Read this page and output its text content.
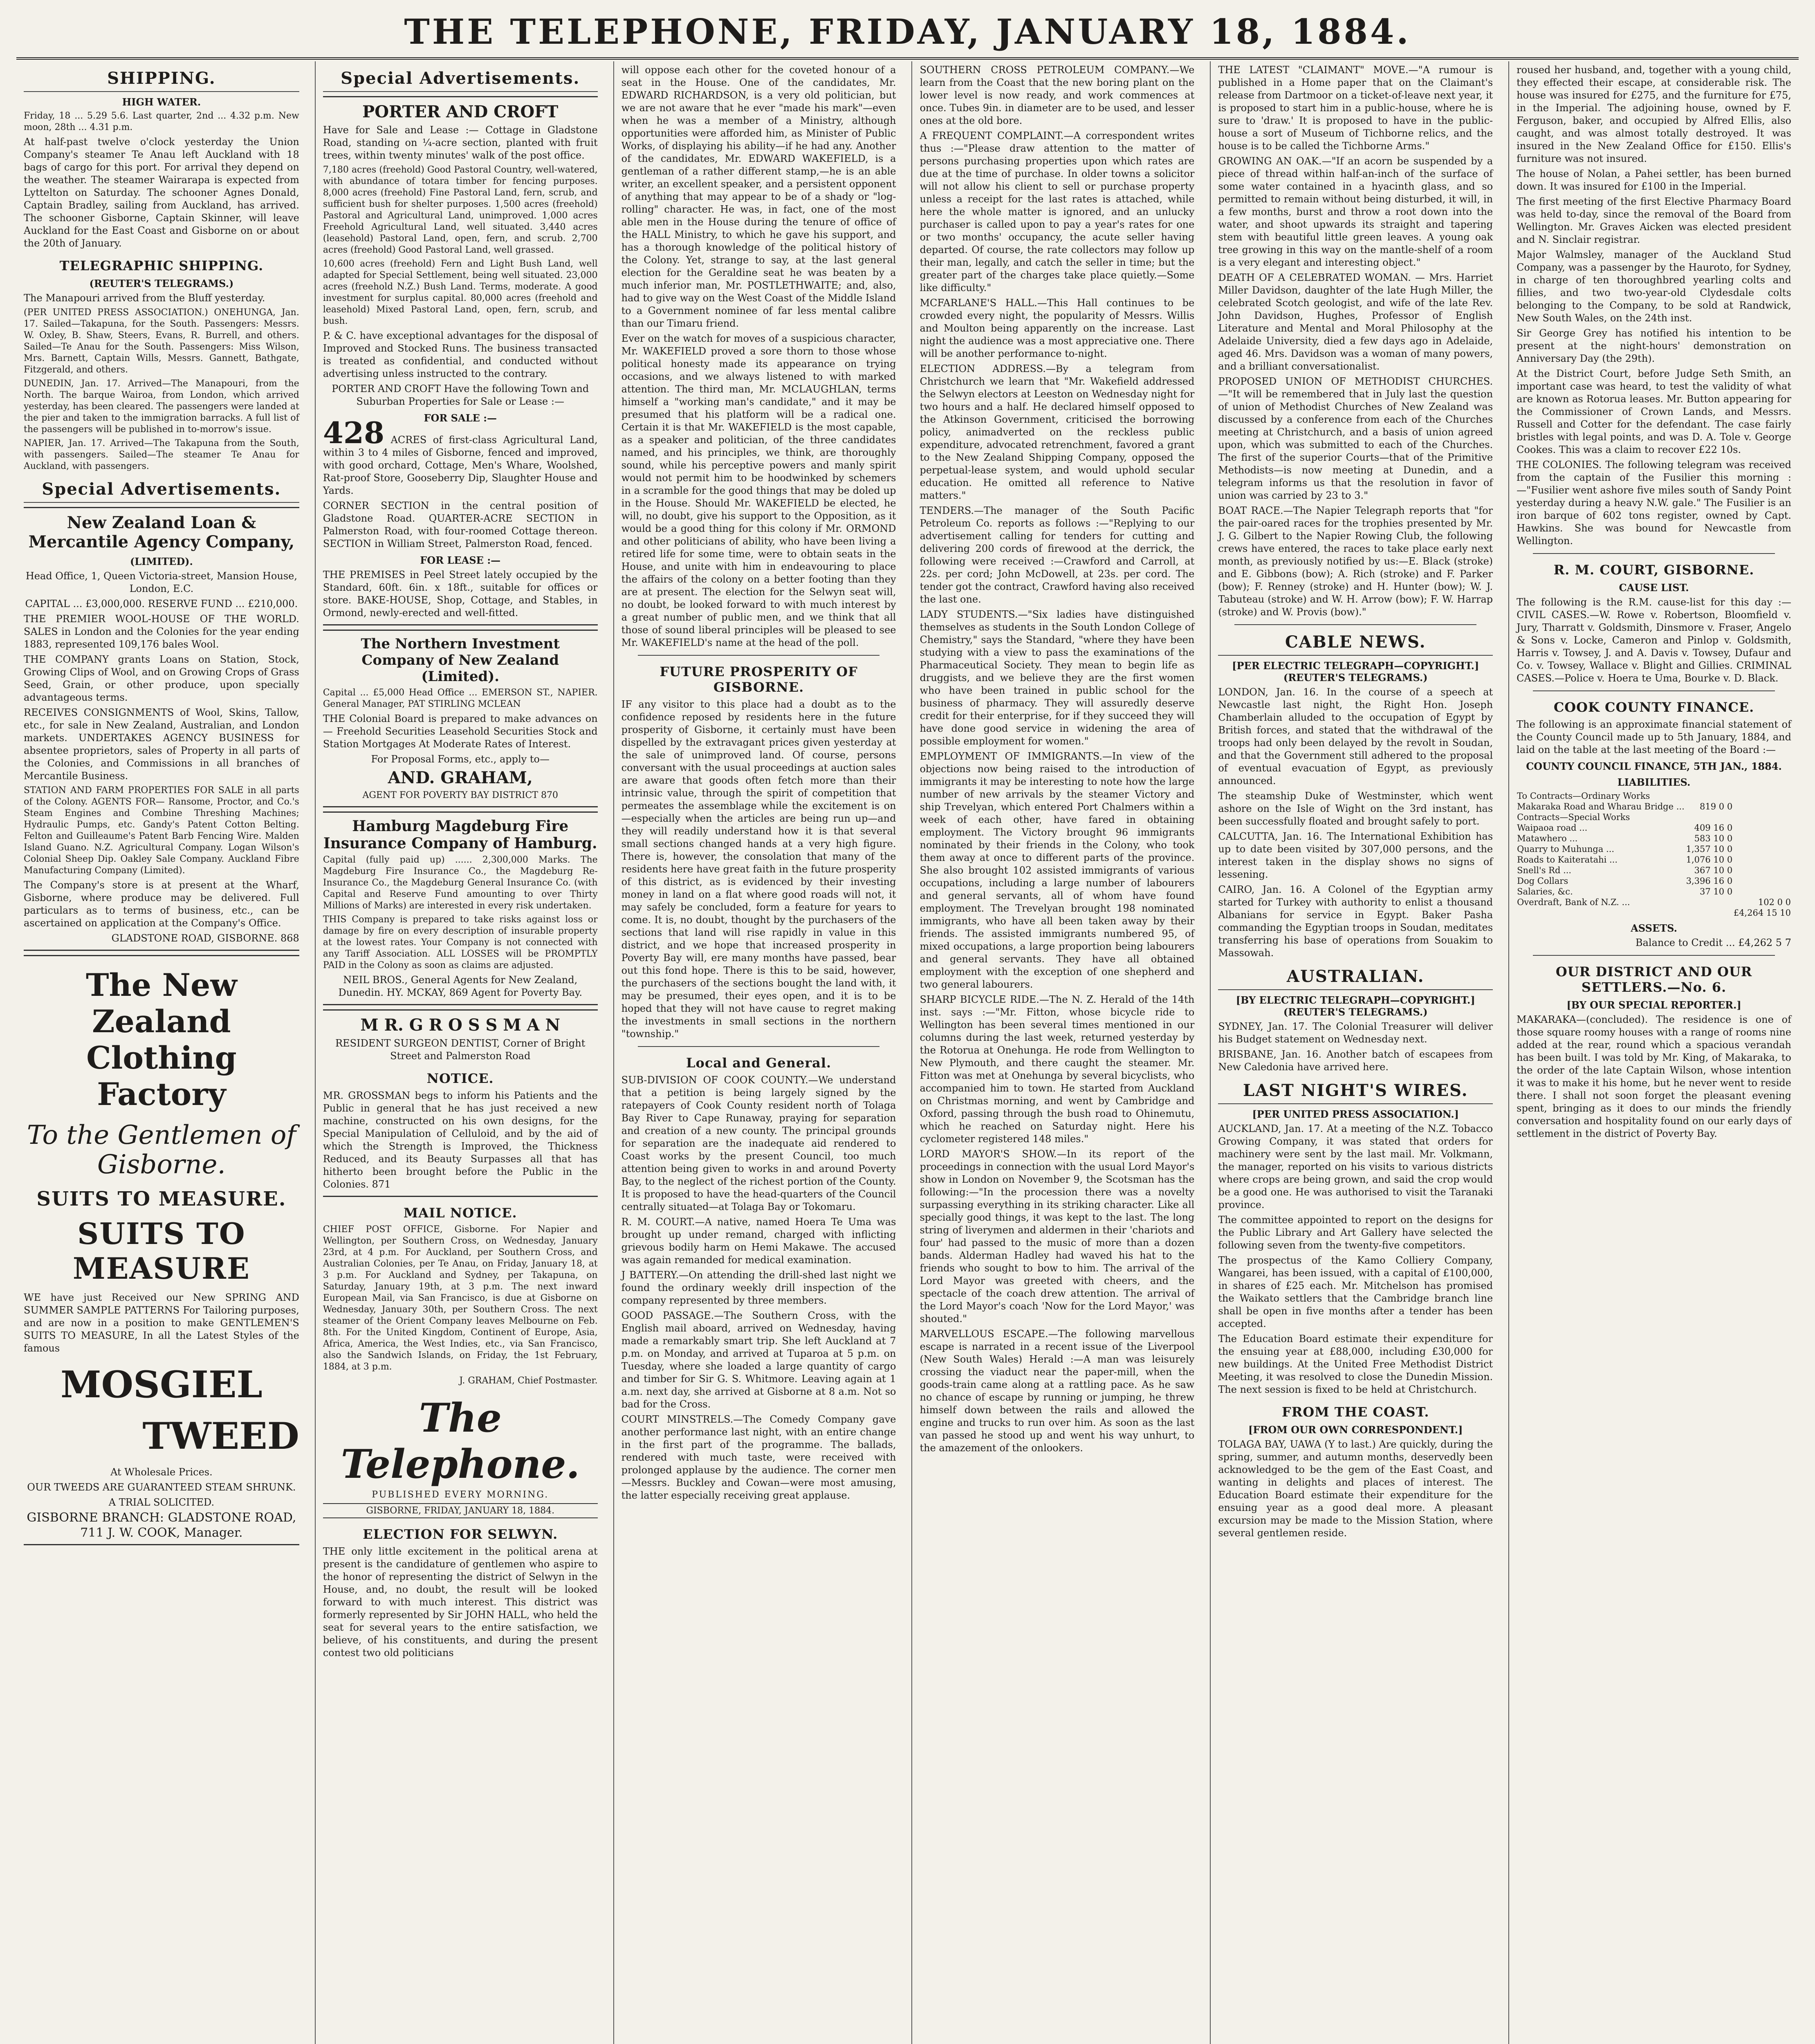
THE TELEPHONE, FRIDAY, JANUARY 18, 1884.
SHIPPING.
HIGH WATER.

Friday, 18 ... 5.29 5.6. Last quarter, 2nd ... 4.32 p.m. New moon, 28th ... 4.31 p.m.

At half-past twelve o'clock yesterday the Union Company's steamer Te Anau left Auckland with 18 bags of cargo for this port. For arrival they depend on the weather. The steamer Wairarapa is expected from Lyttelton on Saturday. The schooner Agnes Donald, Captain Bradley, sailing from Auckland, has arrived. The schooner Gisborne, Captain Skinner, will leave Auckland for the East Coast and Gisborne on or about the 20th of January.

TELEGRAPHIC SHIPPING.
(REUTER'S TELEGRAMS.)

The Manapouri arrived from the Bluff yesterday.

(PER UNITED PRESS ASSOCIATION.) ONEHUNGA, Jan. 17. Sailed—Takapuna, for the South. Passengers: Messrs. W. Oxley, B. Shaw, Steers, Evans, R. Burrell, and others. Sailed—Te Anau for the South. Passengers: Miss Wilson, Mrs. Barnett, Captain Wills, Messrs. Gannett, Bathgate, Fitzgerald, and others.

DUNEDIN, Jan. 17. Arrived—The Manapouri, from the North. The barque Wairoa, from London, which arrived yesterday, has been cleared. The passengers were landed at the pier and taken to the immigration barracks. A full list of the passengers will be published in to-morrow's issue.

NAPIER, Jan. 17. Arrived—The Takapuna from the South, with passengers. Sailed—The steamer Te Anau for Auckland, with passengers.

Special Advertisements.
New Zealand Loan & Mercantile Agency Company,
(LIMITED).

Head Office, 1, Queen Victoria-street, Mansion House, London, E.C.

CAPITAL ... £3,000,000. RESERVE FUND ... £210,000.

THE PREMIER WOOL-HOUSE OF THE WORLD. SALES in London and the Colonies for the year ending 1883, represented 109,176 bales Wool.

THE COMPANY grants Loans on Station, Stock, Growing Clips of Wool, and on Growing Crops of Grass Seed, Grain, or other produce, upon specially advantageous terms.

RECEIVES CONSIGNMENTS of Wool, Skins, Tallow, etc., for sale in New Zealand, Australian, and London markets. UNDERTAKES AGENCY BUSINESS for absentee proprietors, sales of Property in all parts of the Colonies, and Commissions in all branches of Mercantile Business.

STATION AND FARM PROPERTIES FOR SALE in all parts of the Colony. AGENTS FOR— Ransome, Proctor, and Co.'s Steam Engines and Combine Threshing Machines; Hydraulic Pumps, etc. Gandy's Patent Cotton Belting. Felton and Guilleaume's Patent Barb Fencing Wire. Malden Island Guano. N.Z. Agricultural Company. Logan Wilson's Colonial Sheep Dip. Oakley Sale Company. Auckland Fibre Manufacturing Company (Limited).

The Company's store is at present at the Wharf, Gisborne, where produce may be delivered. Full particulars as to terms of business, etc., can be ascertained on application at the Company's Office.

GLADSTONE ROAD, GISBORNE. 868

The New Zealand Clothing Factory
To the Gentlemen of Gisborne.
SUITS TO MEASURE.
SUITS TO MEASURE

WE have just Received our New SPRING AND SUMMER SAMPLE PATTERNS For Tailoring purposes, and are now in a position to make GENTLEMEN'S SUITS TO MEASURE, In all the Latest Styles of the famous

MOSGIEL
TWEED

At Wholesale Prices.

OUR TWEEDS ARE GUARANTEED STEAM SHRUNK.

A TRIAL SOLICITED.

GISBORNE BRANCH: GLADSTONE ROAD,

711 J. W. COOK, Manager.

Special Advertisements.
PORTER AND CROFT

Have for Sale and Lease :— Cottage in Gladstone Road, standing on ¼-acre section, planted with fruit trees, within twenty minutes' walk of the post office.

7,180 acres (freehold) Good Pastoral Country, well-watered, with abundance of totara timber for fencing purposes. 8,000 acres (freehold) Fine Pastoral Land, fern, scrub, and sufficient bush for shelter purposes. 1,500 acres (freehold) Pastoral and Agricultural Land, unimproved. 1,000 acres Freehold Agricultural Land, well situated. 3,440 acres (leasehold) Pastoral Land, open, fern, and scrub. 2,700 acres (freehold) Good Pastoral Land, well grassed.

10,600 acres (freehold) Fern and Light Bush Land, well adapted for Special Settlement, being well situated. 23,000 acres (freehold N.Z.) Bush Land. Terms, moderate. A good investment for surplus capital. 80,000 acres (freehold and leasehold) Mixed Pastoral Land, open, fern, scrub, and bush.

P. & C. have exceptional advantages for the disposal of Improved and Stocked Runs. The business transacted is treated as confidential, and conducted without advertising unless instructed to the contrary.

PORTER AND CROFT Have the following Town and Suburban Properties for Sale or Lease :—

FOR SALE :—

428 ACRES of first-class Agricultural Land, within 3 to 4 miles of Gisborne, fenced and improved, with good orchard, Cottage, Men's Whare, Woolshed, Rat-proof Store, Gooseberry Dip, Slaughter House and Yards.

CORNER SECTION in the central position of Gladstone Road. QUARTER-ACRE SECTION in Palmerston Road, with four-roomed Cottage thereon. SECTION in William Street, Palmerston Road, fenced.

FOR LEASE :—

THE PREMISES in Peel Street lately occupied by the Standard, 60ft. 6in. x 18ft., suitable for offices or store. BAKE-HOUSE, Shop, Cottage, and Stables, in Ormond, newly-erected and well-fitted.

The Northern Investment Company of New Zealand (Limited).

Capital ... £5,000 Head Office ... EMERSON ST., NAPIER. General Manager, PAT STIRLING MCLEAN

THE Colonial Board is prepared to make advances on— Freehold Securities Leasehold Securities Stock and Station Mortgages At Moderate Rates of Interest.

For Proposal Forms, etc., apply to—

AND. GRAHAM,

AGENT FOR POVERTY BAY DISTRICT 870

Hamburg Magdeburg Fire Insurance Company of Hamburg.

Capital (fully paid up) ...... 2,300,000 Marks. The Magdeburg Fire Insurance Co., the Magdeburg Re-Insurance Co., the Magdeburg General Insurance Co. (with Capital and Reserve Fund amounting to over Thirty Millions of Marks) are interested in every risk undertaken.

THIS Company is prepared to take risks against loss or damage by fire on every description of insurable property at the lowest rates. Your Company is not connected with any Tariff Association. ALL LOSSES will be PROMPTLY PAID in the Colony as soon as claims are adjusted.

NEIL BROS., General Agents for New Zealand, Dunedin. HY. MCKAY, 869 Agent for Poverty Bay.

M R. G R O S S M A N

RESIDENT SURGEON DENTIST, Corner of Bright Street and Palmerston Road

NOTICE.

MR. GROSSMAN begs to inform his Patients and the Public in general that he has just received a new machine, constructed on his own designs, for the Special Manipulation of Celluloid, and by the aid of which the Strength is Improved, the Thickness Reduced, and its Beauty Surpasses all that has hitherto been brought before the Public in the Colonies. 871

MAIL NOTICE.

CHIEF POST OFFICE, Gisborne. For Napier and Wellington, per Southern Cross, on Wednesday, January 23rd, at 4 p.m. For Auckland, per Southern Cross, and Australian Colonies, per Te Anau, on Friday, January 18, at 3 p.m. For Auckland and Sydney, per Takapuna, on Saturday, January 19th, at 3 p.m. The next inward European Mail, via San Francisco, is due at Gisborne on Wednesday, January 30th, per Southern Cross. The next steamer of the Orient Company leaves Melbourne on Feb. 8th. For the United Kingdom, Continent of Europe, Asia, Africa, America, the West Indies, etc., via San Francisco, also the Sandwich Islands, on Friday, the 1st February, 1884, at 3 p.m.

J. GRAHAM, Chief Postmaster.

The Telephone.
PUBLISHED EVERY MORNING.
GISBORNE, FRIDAY, JANUARY 18, 1884.
ELECTION FOR SELWYN.

THE only little excitement in the political arena at present is the candidature of gentlemen who aspire to the honor of representing the district of Selwyn in the House, and, no doubt, the result will be looked forward to with much interest. This district was formerly represented by Sir JOHN HALL, who held the seat for several years to the entire satisfaction, we believe, of his constituents, and during the present contest two old politicians

will oppose each other for the coveted honour of a seat in the House. One of the candidates, Mr. EDWARD RICHARDSON, is a very old politician, but we are not aware that he ever "made his mark"—even when he was a member of a Ministry, although opportunities were afforded him, as Minister of Public Works, of displaying his ability—if he had any. Another of the candidates, Mr. EDWARD WAKEFIELD, is a gentleman of a rather different stamp,—he is an able writer, an excellent speaker, and a persistent opponent of anything that may appear to be of a shady or "log-rolling" character. He was, in fact, one of the most able men in the House during the tenure of office of the HALL Ministry, to which he gave his support, and has a thorough knowledge of the political history of the Colony. Yet, strange to say, at the last general election for the Geraldine seat he was beaten by a much inferior man, Mr. POSTLETHWAITE; and, also, had to give way on the West Coast of the Middle Island to a Government nominee of far less mental calibre than our Timaru friend.

Ever on the watch for moves of a suspicious character, Mr. WAKEFIELD proved a sore thorn to those whose political honesty made its appearance on trying occasions, and we always listened to with marked attention. The third man, Mr. MCLAUGHLAN, terms himself a "working man's candidate," and it may be presumed that his platform will be a radical one. Certain it is that Mr. WAKEFIELD is the most capable, as a speaker and politician, of the three candidates named, and his principles, we think, are thoroughly sound, while his perceptive powers and manly spirit would not permit him to be hoodwinked by schemers in a scramble for the good things that may be doled up in the House. Should Mr. WAKEFIELD be elected, he will, no doubt, give his support to the Opposition, as it would be a good thing for this colony if Mr. ORMOND and other politicians of ability, who have been living a retired life for some time, were to obtain seats in the House, and unite with him in endeavouring to place the affairs of the colony on a better footing than they are at present. The election for the Selwyn seat will, no doubt, be looked forward to with much interest by a great number of public men, and we think that all those of sound liberal principles will be pleased to see Mr. WAKEFIELD's name at the head of the poll.

FUTURE PROSPERITY OF GISBORNE.

IF any visitor to this place had a doubt as to the confidence reposed by residents here in the future prosperity of Gisborne, it certainly must have been dispelled by the extravagant prices given yesterday at the sale of unimproved land. Of course, persons conversant with the usual proceedings at auction sales are aware that goods often fetch more than their intrinsic value, through the spirit of competition that permeates the assemblage while the excitement is on—especially when the articles are being run up—and they will readily understand how it is that several small sections changed hands at a very high figure. There is, however, the consolation that many of the residents here have great faith in the future prosperity of this district, as is evidenced by their investing money in land on a flat where good roads will not, it may safely be concluded, form a feature for years to come. It is, no doubt, thought by the purchasers of the sections that land will rise rapidly in value in this district, and we hope that increased prosperity in Poverty Bay will, ere many months have passed, bear out this fond hope. There is this to be said, however, the purchasers of the sections bought the land with, it may be presumed, their eyes open, and it is to be hoped that they will not have cause to regret making the investments in small sections in the northern "township."

Local and General.

SUB-DIVISION OF COOK COUNTY.—We understand that a petition is being largely signed by the ratepayers of Cook County resident north of Tolaga Bay River to Cape Runaway, praying for separation and creation of a new county. The principal grounds for separation are the inadequate aid rendered to Coast works by the present Council, too much attention being given to works in and around Poverty Bay, to the neglect of the richest portion of the County. It is proposed to have the head-quarters of the Council centrally situated—at Tolaga Bay or Tokomaru.

R. M. COURT.—A native, named Hoera Te Uma was brought up under remand, charged with inflicting grievous bodily harm on Hemi Makawe. The accused was again remanded for medical examination.

J BATTERY.—On attending the drill-shed last night we found the ordinary weekly drill inspection of the company represented by three members.

GOOD PASSAGE.—The Southern Cross, with the English mail aboard, arrived on Wednesday, having made a remarkably smart trip. She left Auckland at 7 p.m. on Monday, and arrived at Tuparoa at 5 p.m. on Tuesday, where she loaded a large quantity of cargo and timber for Sir G. S. Whitmore. Leaving again at 1 a.m. next day, she arrived at Gisborne at 8 a.m. Not so bad for the Cross.

COURT MINSTRELS.—The Comedy Company gave another performance last night, with an entire change in the first part of the programme. The ballads, rendered with much taste, were received with prolonged applause by the audience. The corner men—Messrs. Buckley and Cowan—were most amusing, the latter especially receiving great applause.

SOUTHERN CROSS PETROLEUM COMPANY.—We learn from the Coast that the new boring plant on the lower level is now ready, and work commences at once. Tubes 9in. in diameter are to be used, and lesser ones at the old bore.

A FREQUENT COMPLAINT.—A correspondent writes thus :—"Please draw attention to the matter of persons purchasing properties upon which rates are due at the time of purchase. In older towns a solicitor will not allow his client to sell or purchase property unless a receipt for the last rates is attached, while here the whole matter is ignored, and an unlucky purchaser is called upon to pay a year's rates for one or two months' occupancy, the acute seller having departed. Of course, the rate collectors may follow up their man, legally, and catch the seller in time; but the greater part of the charges take place quietly.—Some like difficulty."

MCFARLANE'S HALL.—This Hall continues to be crowded every night, the popularity of Messrs. Willis and Moulton being apparently on the increase. Last night the audience was a most appreciative one. There will be another performance to-night.

ELECTION ADDRESS.—By a telegram from Christchurch we learn that "Mr. Wakefield addressed the Selwyn electors at Leeston on Wednesday night for two hours and a half. He declared himself opposed to the Atkinson Government, criticised the borrowing policy, animadverted on the reckless public expenditure, advocated retrenchment, favored a grant to the New Zealand Shipping Company, opposed the perpetual-lease system, and would uphold secular education. He omitted all reference to Native matters."

TENDERS.—The manager of the South Pacific Petroleum Co. reports as follows :—"Replying to our advertisement calling for tenders for cutting and delivering 200 cords of firewood at the derrick, the following were received :—Crawford and Carroll, at 22s. per cord; John McDowell, at 23s. per cord. The tender got the contract, Crawford having also received the last one.

LADY STUDENTS.—"Six ladies have distinguished themselves as students in the South London College of Chemistry," says the Standard, "where they have been studying with a view to pass the examinations of the Pharmaceutical Society. They mean to begin life as druggists, and we believe they are the first women who have been trained in public school for the business of pharmacy. They will assuredly deserve credit for their enterprise, for if they succeed they will have done good service in widening the area of possible employment for women."

EMPLOYMENT OF IMMIGRANTS.—In view of the objections now being raised to the introduction of immigrants it may be interesting to note how the large number of new arrivals by the steamer Victory and ship Trevelyan, which entered Port Chalmers within a week of each other, have fared in obtaining employment. The Victory brought 96 immigrants nominated by their friends in the Colony, who took them away at once to different parts of the province. She also brought 102 assisted immigrants of various occupations, including a large number of labourers and general servants, all of whom have found employment. The Trevelyan brought 198 nominated immigrants, who have all been taken away by their friends. The assisted immigrants numbered 95, of mixed occupations, a large proportion being labourers and general servants. They have all obtained employment with the exception of one shepherd and two general labourers.

SHARP BICYCLE RIDE.—The N. Z. Herald of the 14th inst. says :—"Mr. Fitton, whose bicycle ride to Wellington has been several times mentioned in our columns during the last week, returned yesterday by the Rotorua at Onehunga. He rode from Wellington to New Plymouth, and there caught the steamer. Mr. Fitton was met at Onehunga by several bicyclists, who accompanied him to town. He started from Auckland on Christmas morning, and went by Cambridge and Oxford, passing through the bush road to Ohinemutu, which he reached on Saturday night. Here his cyclometer registered 148 miles."

LORD MAYOR'S SHOW.—In its report of the proceedings in connection with the usual Lord Mayor's show in London on November 9, the Scotsman has the following:—"In the procession there was a novelty surpassing everything in its striking character. Like all specially good things, it was kept to the last. The long string of liverymen and aldermen in their 'chariots and four' had passed to the music of more than a dozen bands. Alderman Hadley had waved his hat to the friends who sought to bow to him. The arrival of the Lord Mayor was greeted with cheers, and the spectacle of the coach drew attention. The arrival of the Lord Mayor's coach 'Now for the Lord Mayor,' was shouted."

MARVELLOUS ESCAPE.—The following marvellous escape is narrated in a recent issue of the Liverpool (New South Wales) Herald :—A man was leisurely crossing the viaduct near the paper-mill, when the goods-train came along at a rattling pace. As he saw no chance of escape by running or jumping, he threw himself down between the rails and allowed the engine and trucks to run over him. As soon as the last van passed he stood up and went his way unhurt, to the amazement of the onlookers.

THE LATEST "CLAIMANT" MOVE.—"A rumour is published in a Home paper that on the Claimant's release from Dartmoor on a ticket-of-leave next year, it is proposed to start him in a public-house, where he is sure to 'draw.' It is proposed to have in the public-house a sort of Museum of Tichborne relics, and the house is to be called the Tichborne Arms."

GROWING AN OAK.—"If an acorn be suspended by a piece of thread within half-an-inch of the surface of some water contained in a hyacinth glass, and so permitted to remain without being disturbed, it will, in a few months, burst and throw a root down into the water, and shoot upwards its straight and tapering stem with beautiful little green leaves. A young oak tree growing in this way on the mantle-shelf of a room is a very elegant and interesting object."

DEATH OF A CELEBRATED WOMAN. — Mrs. Harriet Miller Davidson, daughter of the late Hugh Miller, the celebrated Scotch geologist, and wife of the late Rev. John Davidson, Hughes, Professor of English Literature and Mental and Moral Philosophy at the Adelaide University, died a few days ago in Adelaide, aged 46. Mrs. Davidson was a woman of many powers, and a brilliant conversationalist.

PROPOSED UNION OF METHODIST CHURCHES.—"It will be remembered that in July last the question of union of Methodist Churches of New Zealand was discussed by a conference from each of the Churches meeting at Christchurch, and a basis of union agreed upon, which was submitted to each of the Churches. The first of the superior Courts—that of the Primitive Methodists—is now meeting at Dunedin, and a telegram informs us that the resolution in favor of union was carried by 23 to 3."

BOAT RACE.—The Napier Telegraph reports that "for the pair-oared races for the trophies presented by Mr. J. G. Gilbert to the Napier Rowing Club, the following crews have entered, the races to take place early next month, as previously notified by us:—E. Black (stroke) and E. Gibbons (bow); A. Rich (stroke) and F. Parker (bow); F. Renney (stroke) and H. Hunter (bow); W. J. Tabuteau (stroke) and W. H. Arrow (bow); F. W. Harrap (stroke) and W. Provis (bow)."

CABLE NEWS.
[PER ELECTRIC TELEGRAPH—COPYRIGHT.] (REUTER'S TELEGRAMS.)

LONDON, Jan. 16. In the course of a speech at Newcastle last night, the Right Hon. Joseph Chamberlain alluded to the occupation of Egypt by British forces, and stated that the withdrawal of the troops had only been delayed by the revolt in Soudan, and that the Government still adhered to the proposal of eventual evacuation of Egypt, as previously announced.

The steamship Duke of Westminster, which went ashore on the Isle of Wight on the 3rd instant, has been successfully floated and brought safely to port.

CALCUTTA, Jan. 16. The International Exhibition has up to date been visited by 307,000 persons, and the interest taken in the display shows no signs of lessening.

CAIRO, Jan. 16. A Colonel of the Egyptian army started for Turkey with authority to enlist a thousand Albanians for service in Egypt. Baker Pasha commanding the Egyptian troops in Soudan, meditates transferring his base of operations from Souakim to Massowah.

AUSTRALIAN.
[BY ELECTRIC TELEGRAPH—COPYRIGHT.] (REUTER'S TELEGRAMS.)

SYDNEY, Jan. 17. The Colonial Treasurer will deliver his Budget statement on Wednesday next.

BRISBANE, Jan. 16. Another batch of escapees from New Caledonia have arrived here.

LAST NIGHT'S WIRES.
[PER UNITED PRESS ASSOCIATION.]

AUCKLAND, Jan. 17. At a meeting of the N.Z. Tobacco Growing Company, it was stated that orders for machinery were sent by the last mail. Mr. Volkmann, the manager, reported on his visits to various districts where crops are being grown, and said the crop would be a good one. He was authorised to visit the Taranaki province.

The committee appointed to report on the designs for the Public Library and Art Gallery have selected the following seven from the twenty-five competitors.

The prospectus of the Kamo Colliery Company, Wangarei, has been issued, with a capital of £100,000, in shares of £25 each. Mr. Mitchelson has promised the Waikato settlers that the Cambridge branch line shall be open in five months after a tender has been accepted.

The Education Board estimate their expenditure for the ensuing year at £88,000, including £30,000 for new buildings. At the United Free Methodist District Meeting, it was resolved to close the Dunedin Mission. The next session is fixed to be held at Christchurch.

FROM THE COAST.
[FROM OUR OWN CORRESPONDENT.]

TOLAGA BAY, UAWA (Y to last.) Are quickly, during the spring, summer, and autumn months, deservedly been acknowledged to be the gem of the East Coast, and wanting in delights and places of interest. The Education Board estimate their expenditure for the ensuing year as a good deal more. A pleasant excursion may be made to the Mission Station, where several gentlemen reside.

roused her husband, and, together with a young child, they effected their escape, at considerable risk. The house was insured for £275, and the furniture for £75, in the Imperial. The adjoining house, owned by F. Ferguson, baker, and occupied by Alfred Ellis, also caught, and was almost totally destroyed. It was insured in the New Zealand Office for £150. Ellis's furniture was not insured.

The house of Nolan, a Pahei settler, has been burned down. It was insured for £100 in the Imperial.

The first meeting of the first Elective Pharmacy Board was held to-day, since the removal of the Board from Wellington. Mr. Graves Aicken was elected president and N. Sinclair registrar.

Major Walmsley, manager of the Auckland Stud Company, was a passenger by the Hauroto, for Sydney, in charge of ten thoroughbred yearling colts and fillies, and two two-year-old Clydesdale colts belonging to the Company, to be sold at Randwick, New South Wales, on the 24th inst.

Sir George Grey has notified his intention to be present at the night-hours' demonstration on Anniversary Day (the 29th).

At the District Court, before Judge Seth Smith, an important case was heard, to test the validity of what are known as Rotorua leases. Mr. Button appearing for the Commissioner of Crown Lands, and Messrs. Russell and Cotter for the defendant. The case fairly bristles with legal points, and was D. A. Tole v. George Cookes. This was a claim to recover £22 10s.

THE COLONIES. The following telegram was received from the captain of the Fusilier this morning :—"Fusilier went ashore five miles south of Sandy Point yesterday during a heavy N.W. gale." The Fusilier is an iron barque of 602 tons register, owned by Capt. Hawkins. She was bound for Newcastle from Wellington.

R. M. COURT, GISBORNE.
CAUSE LIST.

The following is the R.M. cause-list for this day :— CIVIL CASES.—W. Rowe v. Robertson, Bloomfield v. Jury, Tharratt v. Goldsmith, Dinsmore v. Fraser, Angelo & Sons v. Locke, Cameron and Pinlop v. Goldsmith, Harris v. Towsey, J. and A. Davis v. Towsey, Dufaur and Co. v. Towsey, Wallace v. Blight and Gillies. CRIMINAL CASES.—Police v. Hoera te Uma, Bourke v. D. Black.

COOK COUNTY FINANCE.

The following is an approximate financial statement of the County Council made up to 5th January, 1884, and laid on the table at the last meeting of the Board :—

COUNTY COUNCIL FINANCE, 5TH JAN., 1884.
LIABILITIES.
To Contracts—Ordinary Works		
Makaraka Road and Wharau Bridge ...	819 0 0	
Contracts—Special Works		
Waipaoa road ...	409 16 0	
Matawhero ...	583 10 0	
Quarry to Muhunga ...	1,357 10 0	
Roads to Kaiteratahi ...	1,076 10 0	
Snell's Rd ...	367 10 0	
Dog Collars	3,396 16 0	
Salaries, &c.	37 10 0	
Overdraft, Bank of N.Z. ...		102 0 0
		£4,264 15 10
ASSETS.

Balance to Credit ... £4,262 5 7

OUR DISTRICT AND OUR SETTLERS.—No. 6.
[BY OUR SPECIAL REPORTER.]

MAKARAKA—(concluded). The residence is one of those square roomy houses with a range of rooms nine added at the rear, round which a spacious verandah has been built. I was told by Mr. King, of Makaraka, to the order of the late Captain Wilson, whose intention it was to make it his home, but he never went to reside there. I shall not soon forget the pleasant evening spent, bringing as it does to our minds the friendly conversation and hospitality found on our early days of settlement in the district of Poverty Bay.
